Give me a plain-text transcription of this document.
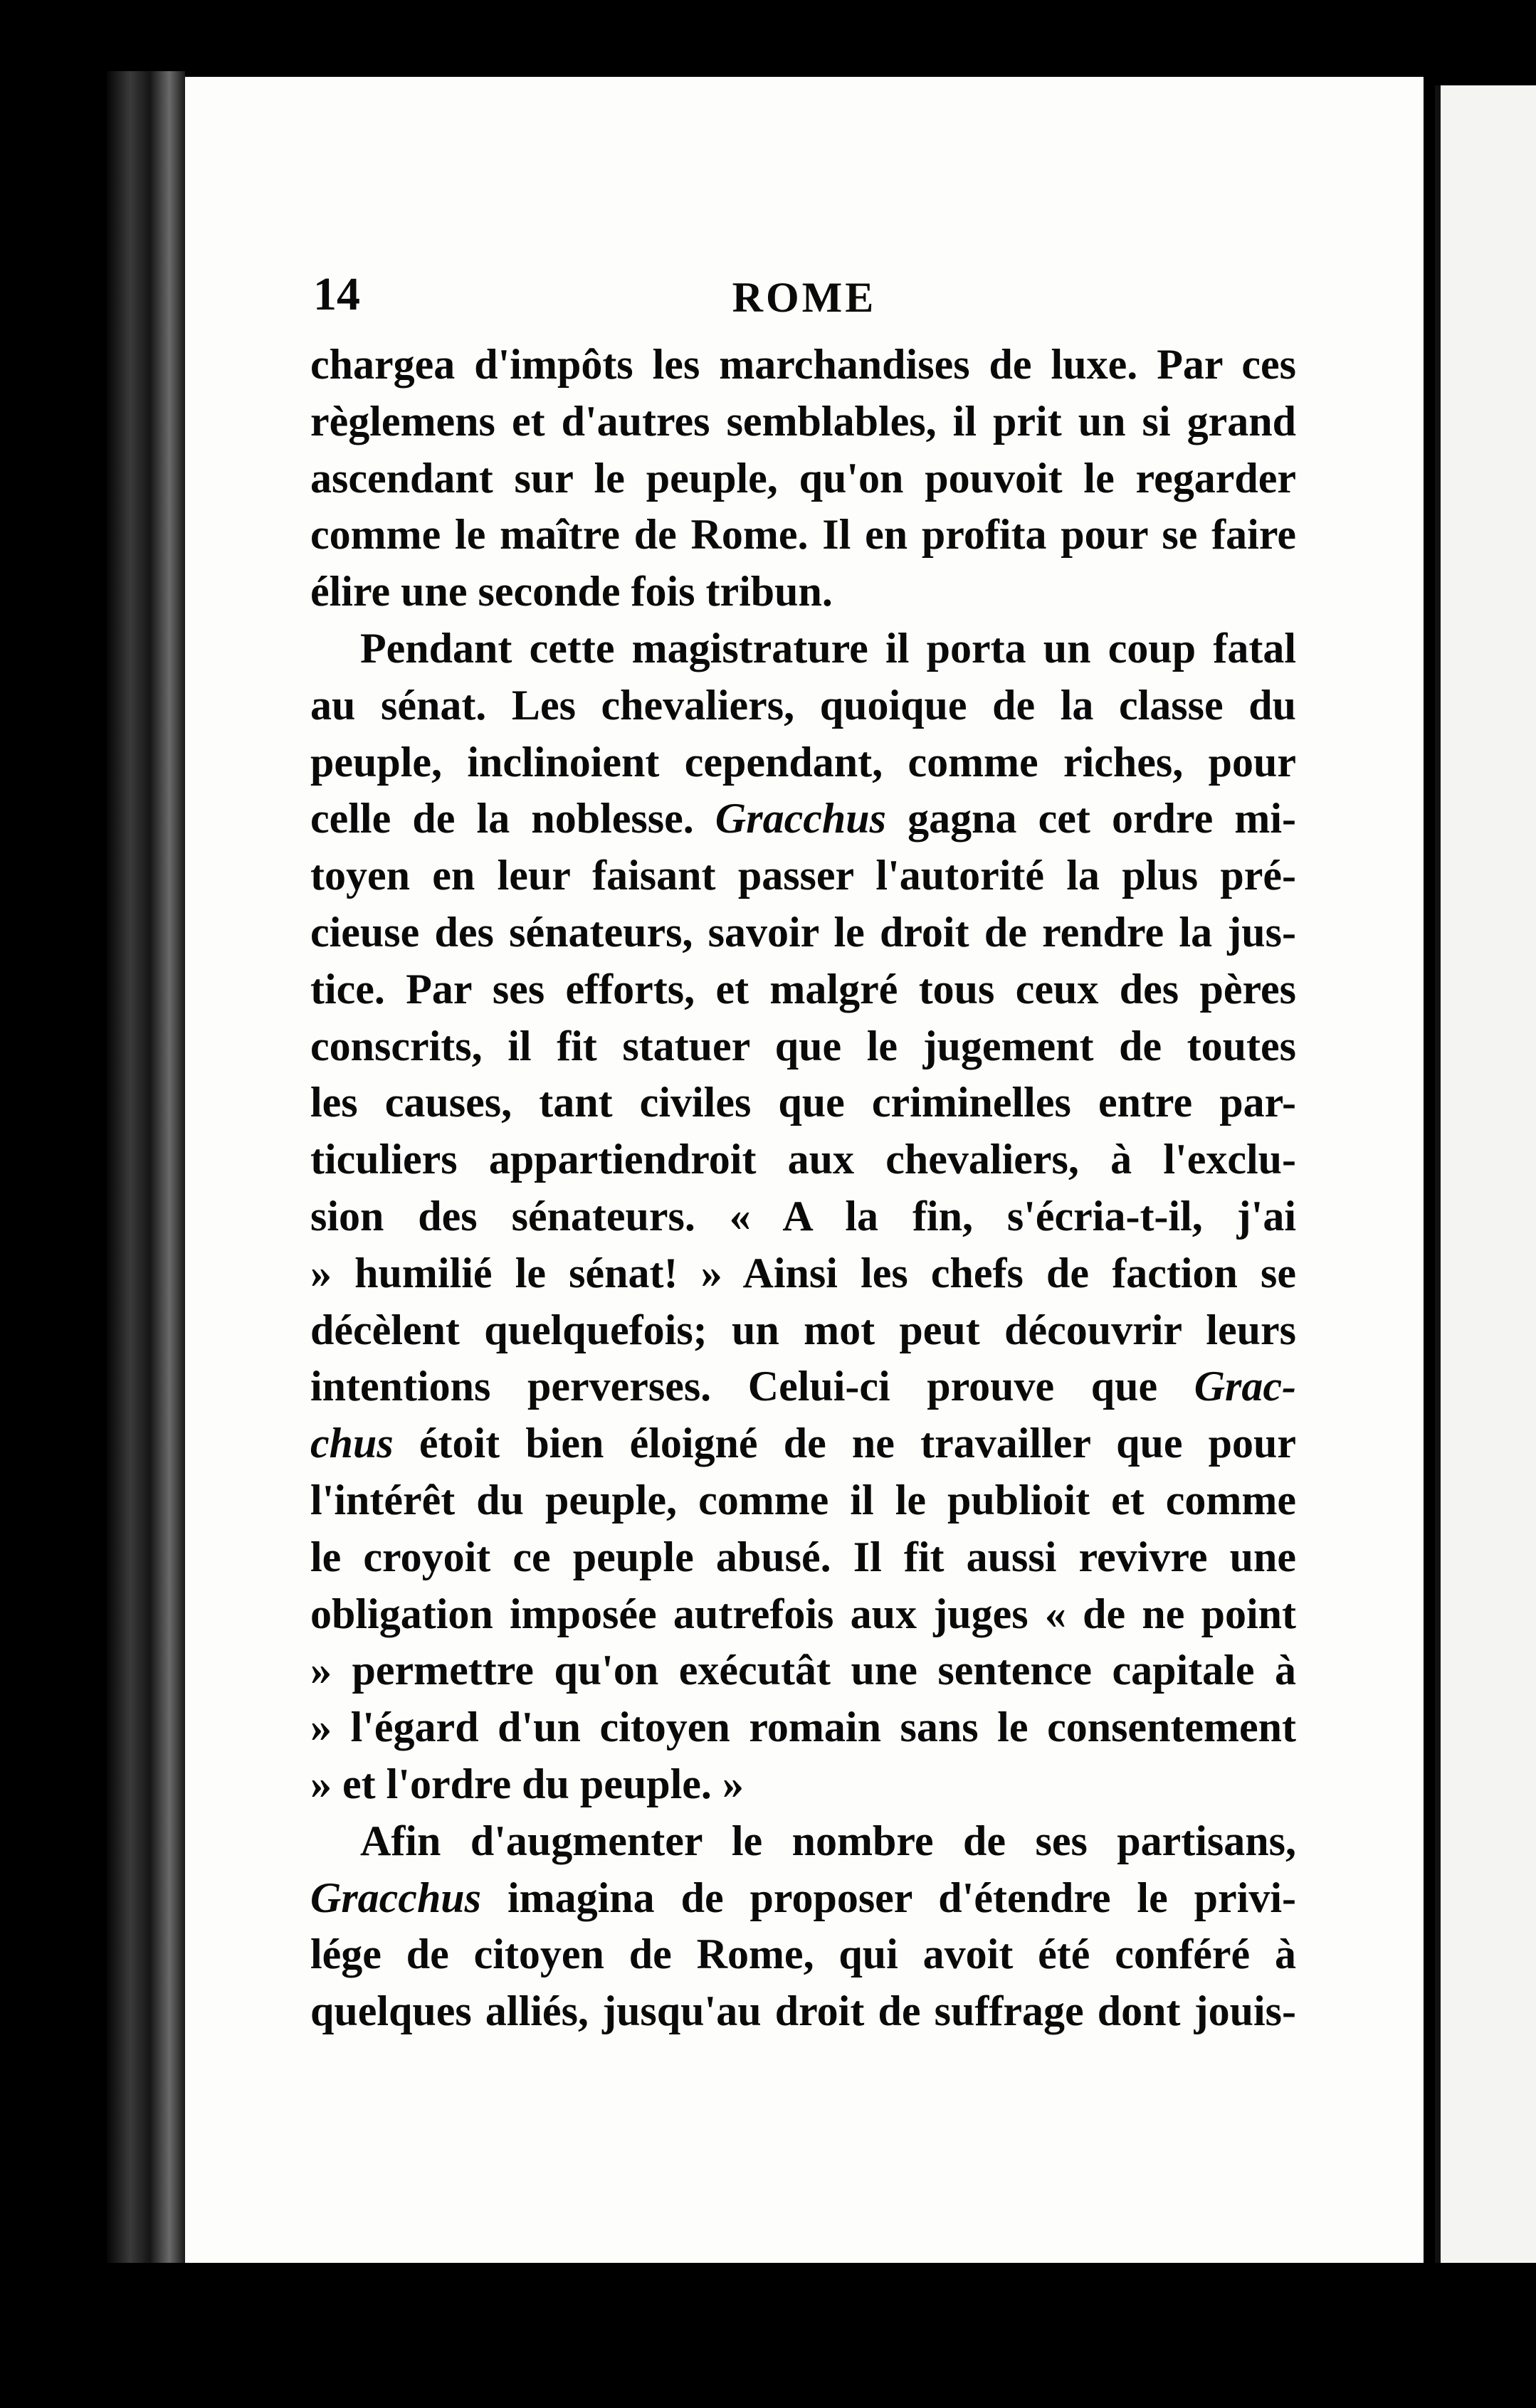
14	ROME
chargea d'impôts les marchandises de luxe. Par ces
règlemens et d'autres semblables, il prit un si grand
ascendant sur le peuple, qu'on pouvoit le regarder
comme le maître de Rome. Il en profita pour se faire
élire une seconde fois tribun.
Pendant cette magistrature il porta un coup fatal
au sénat. Les chevaliers, quoique de la classe du
peuple, inclinoient cependant, comme riches, pour
celle de la noblesse. Gracchus gagna cet ordre mi-
toyen en leur faisant passer l'autorité la plus pré-
cieuse des sénateurs, savoir le droit de rendre la jus-
tice. Par ses efforts, et malgré tous ceux des pères
conscrits, il fit statuer que le jugement de toutes
les causes, tant civiles que criminelles entre par-
ticuliers appartiendroit aux chevaliers, à l'exclu-
sion des sénateurs. « A la fin, s'écria-t-il, j'ai
» humilié le sénat! » Ainsi les chefs de faction se
décèlent quelquefois; un mot peut découvrir leurs
intentions perverses. Celui-ci prouve que Grac-
chus étoit bien éloigné de ne travailler que pour
l'intérêt du peuple, comme il le publioit et comme
le croyoit ce peuple abusé. Il fit aussi revivre une
obligation imposée autrefois aux juges « de ne point
» permettre qu'on exécutât une sentence capitale à
» l'égard d'un citoyen romain sans le consentement
» et l'ordre du peuple. »
Afin d'augmenter le nombre de ses partisans,
Gracchus imagina de proposer d'étendre le privi-
lége de citoyen de Rome, qui avoit été conféré à
quelques alliés, jusqu'au droit de suffrage dont jouis-
